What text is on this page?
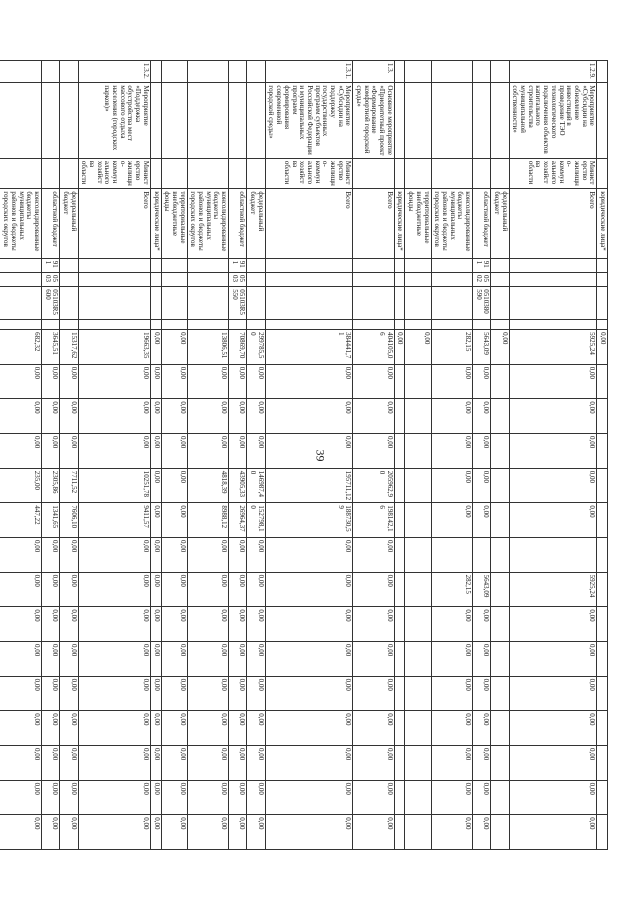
39
			юридические лица*					0,00														
1.2.9.	Мероприятие «Субсидии на обновление инвестиций в проведение ТЭО технологического подключения объектов капитального строительства муниципальной собственности»	Министерство жилищно-коммунального хозяйства области	Всего					5925,24	0,00	0,00	0,00	0,00	0,00		5925,24	0,00	0,00	0,00	0,00	0,00	0,00	0,00
			федеральный бюджет					0,00														
			областной бюджет	911	0502	0510380590		5643,09	0,00	0,00	0,00	0,00	0,00		5643,09	0,00	0,00	0,00	0,00	0,00	0,00	0,00
			консолидированные бюджеты муниципальных районов и бюджеты городских округов					282,15	0,00	0,00	0,00	0,00	0,00		282,15	0,00	0,00	0,00	0,00	0,00	0,00	0,00
			территориальные внебюджетные фонды					0,00														
			юридические лица*					0,00														
1.3.	Основное мероприятие «Приоритетный проект «Формирование комфортной городской среды»		Всего					404105,06	0,00	0,00	0,00	205962,90	198142,16	0,00	0,00	0,00	0,00	0,00	0,00	0,00	0,00	0,00
1.3.1.	Мероприятие «Субсидии на поддержку государственных программ субъектов Российской Федерации и муниципальных программ формирования современной городской среды»	Министерство жилищно-коммунального хозяйства области	Всего					384441,71	0,00	0,00	0,00	195711,12	188730,59	0,00	0,00	0,00	0,00	0,00	0,00	0,00	0,00	0,00
			федеральный бюджет					299785,50	0,00	0,00	0,00	146987,40	152798,10	0,00	0,00	0,00	0,00	0,00	0,00	0,00	0,00	0,00
			областной бюджет	911	0503	05103R5550		70869,70	0,00	0,00	0,00	43905,33	26964,37	0,00	0,00	0,00	0,00	0,00	0,00	0,00	0,00	0,00
			консолидированные бюджеты муниципальных районов и бюджеты городских округов					13806,51	0,00	0,00	0,00	4818,39	8988,12	0,00	0,00	0,00	0,00	0,00	0,00	0,00	0,00	0,00
			территориальные внебюджетные фонды					0,00	0,00	0,00	0,00	0,00	0,00	0,00	0,00	0,00	0,00	0,00	0,00	0,00	0,00	0,00
			юридические лица*					0,00	0,00	0,00	0,00	0,00	0,00	0,00	0,00	0,00	0,00	0,00	0,00	0,00	0,00	0,00
1.3.2.	Мероприятие «Поддержка обустройства мест массового отдыха населения (городских парков)»	Министерство жилищно-коммунального хозяйства области	Всего					19663,35	0,00	0,00	0,00	10251,78	9411,57	0,00	0,00	0,00	0,00	0,00	0,00	0,00	0,00	0,00
			федеральный бюджет					15317,62	0,00	0,00	0,00	7711,52	7606,10	0,00	0,00	0,00	0,00	0,00	0,00	0,00	0,00	0,00
			областной бюджет	911	0503	05103R5600		3645,51	0,00	0,00	0,00	2305,86	1341,65	0,00	0,00	0,00	0,00	0,00	0,00	0,00	0,00	0,00
			консолидированные бюджеты муниципальных районов и бюджеты городских округов					682,32	0,00	0,00	0,00	235,00	447,22	0,00	0,00	0,00	0,00	0,00	0,00	0,00	0,00	0,00
